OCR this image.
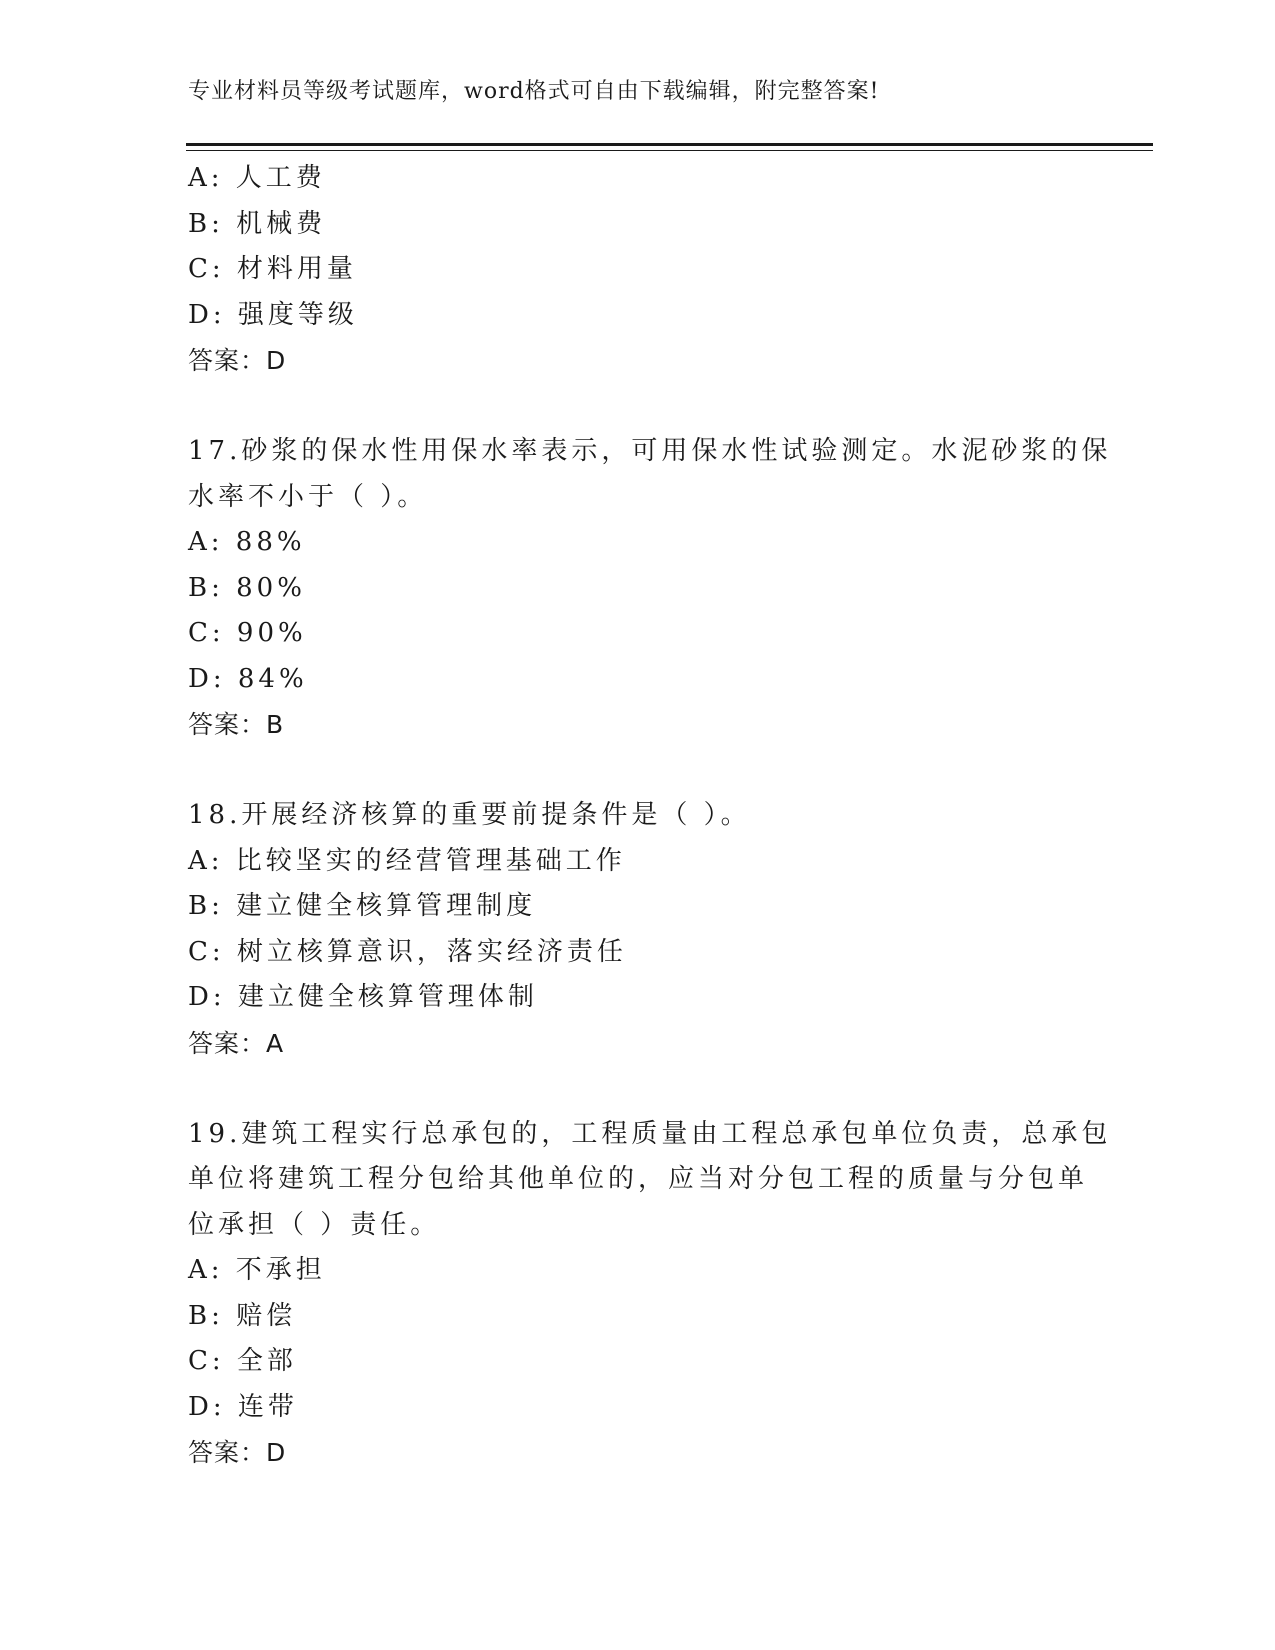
专业材料员等级考试题库，word格式可自由下载编辑，附完整答案!
A: 人工费
B: 机械费
C: 材料用量
D: 强度等级
答案：D
17.砂浆的保水性用保水率表示，可用保水性试验测定。水泥砂浆的保
水率不小于（ ）。
A: 88%
B: 80%
C: 90%
D: 84%
答案：B
18.开展经济核算的重要前提条件是（ ）。
A: 比较坚实的经营管理基础工作
B: 建立健全核算管理制度
C: 树立核算意识，落实经济责任
D: 建立健全核算管理体制
答案：A
19.建筑工程实行总承包的，工程质量由工程总承包单位负责，总承包
单位将建筑工程分包给其他单位的，应当对分包工程的质量与分包单
位承担（ ）责任。
A: 不承担
B: 赔偿
C: 全部
D: 连带
答案：D
